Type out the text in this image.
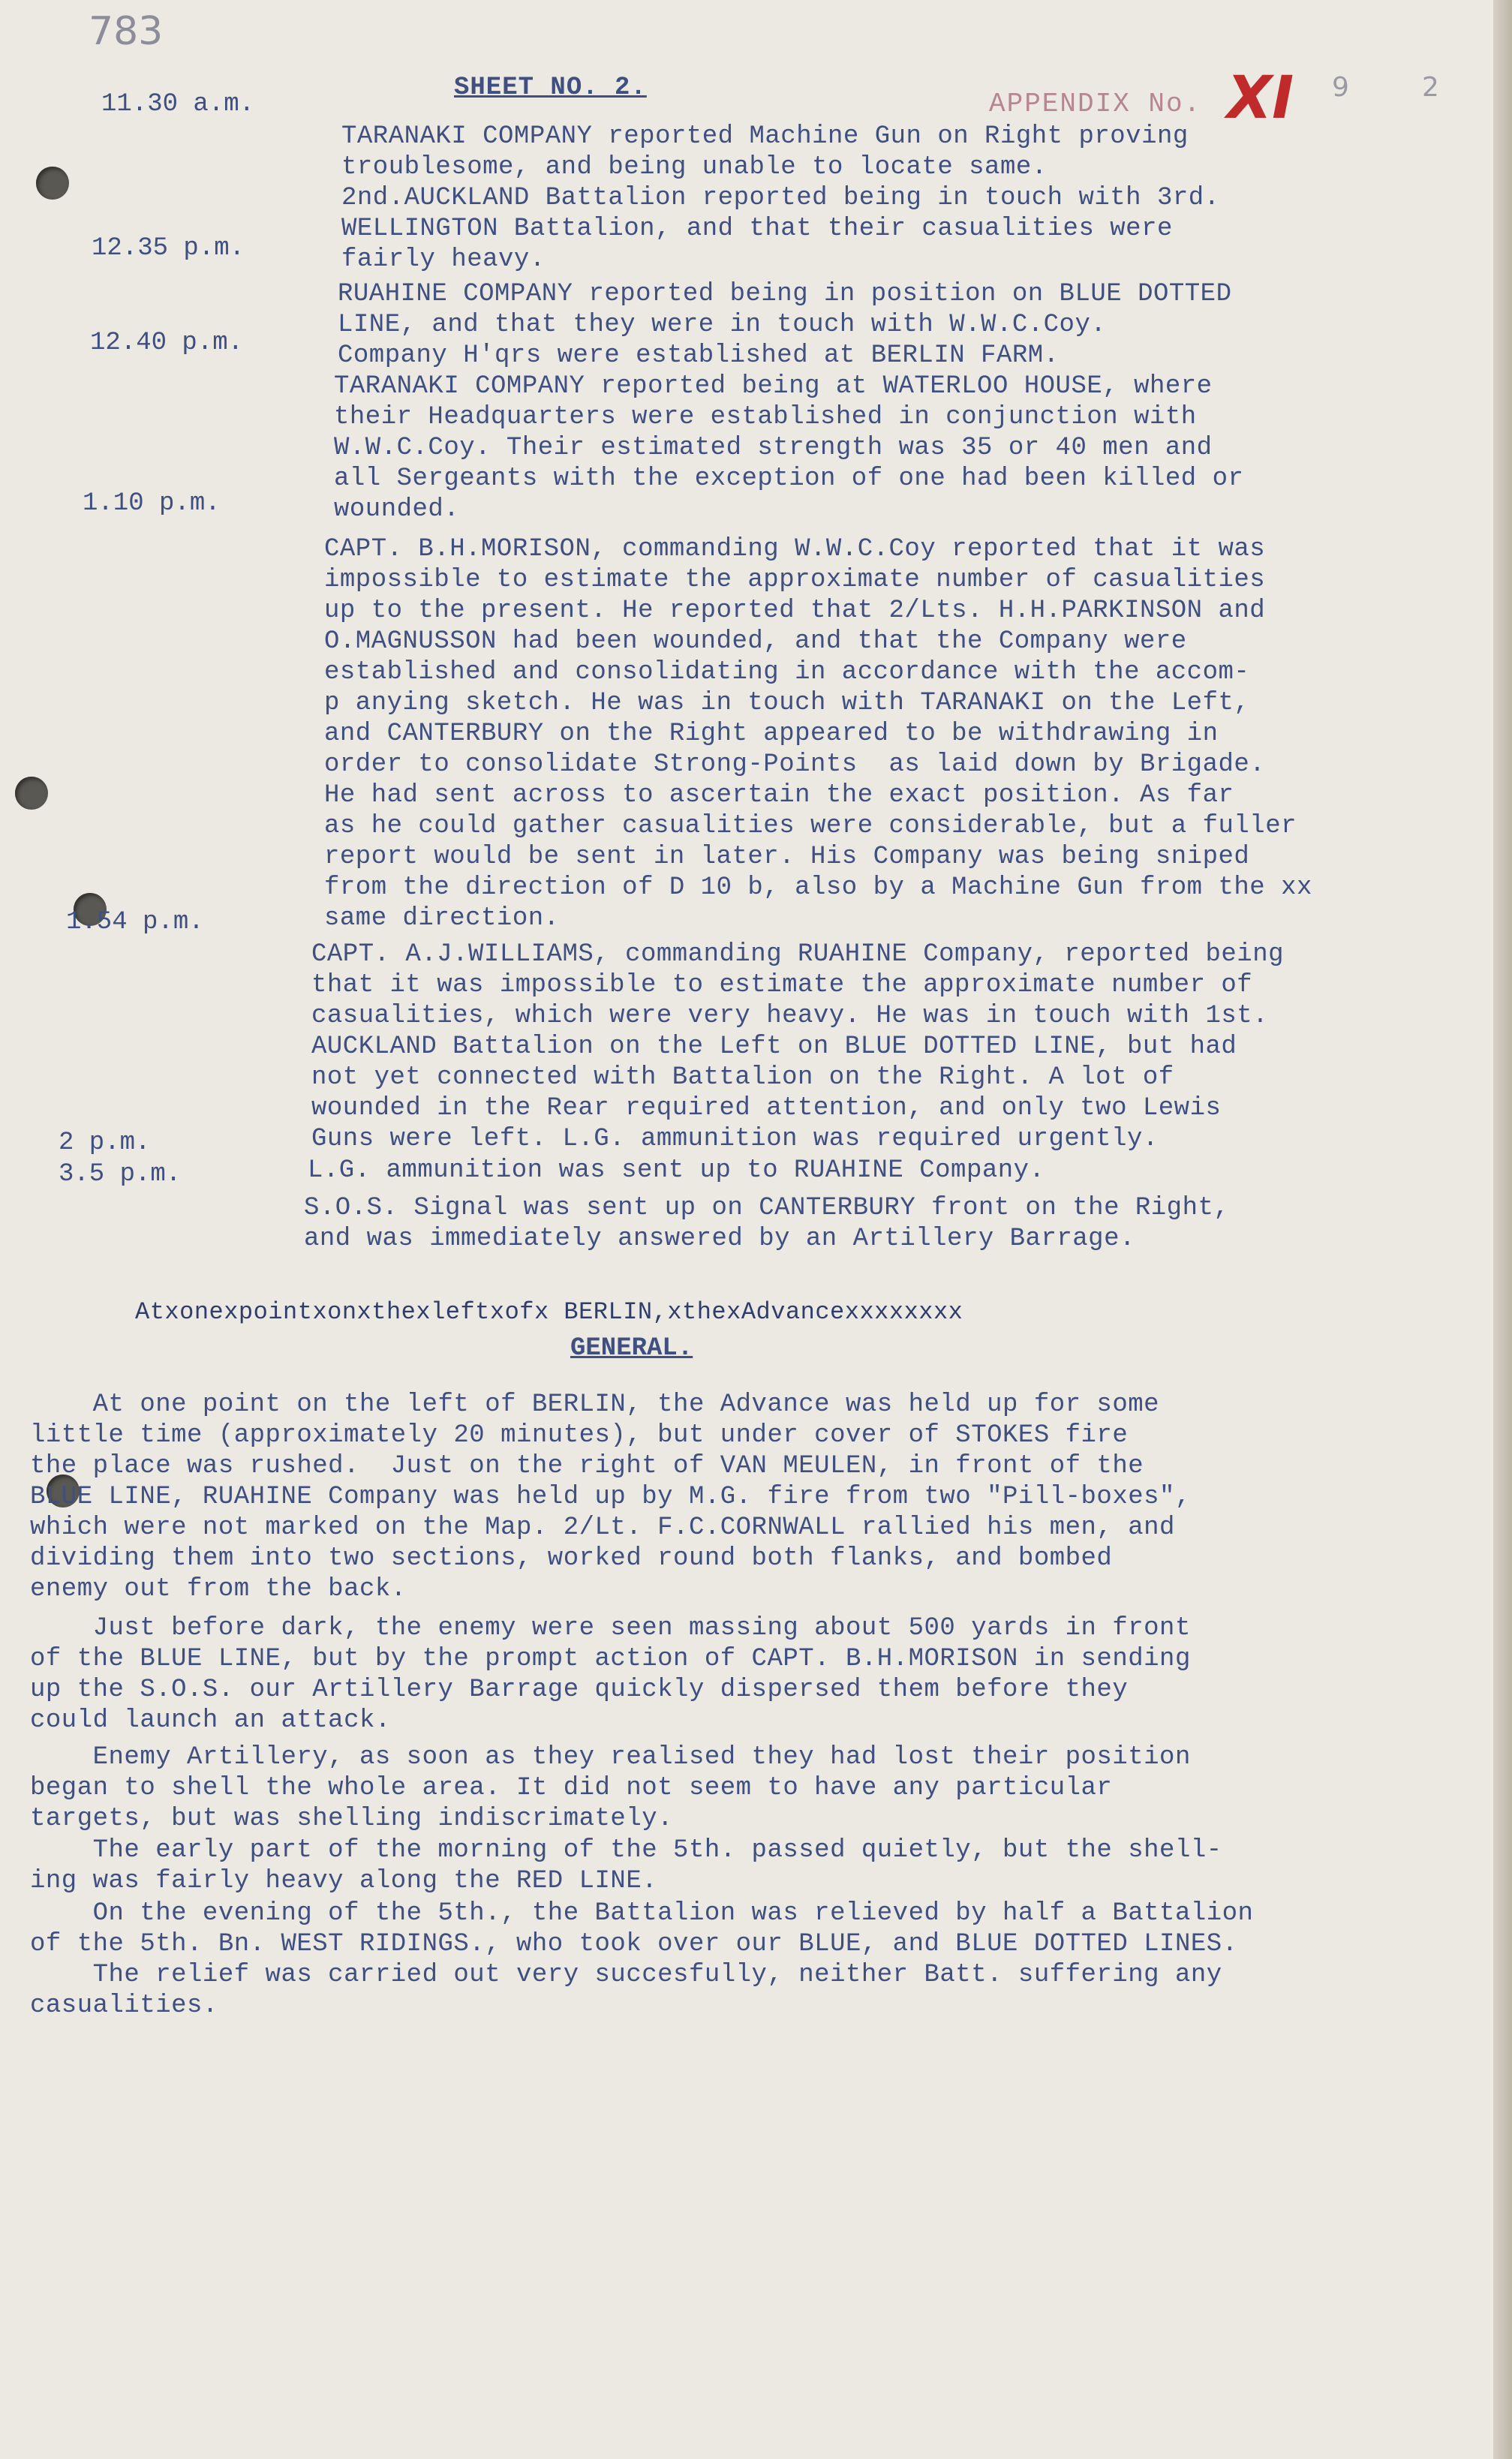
783
SHEET NO. 2.
APPENDIX No. XI 9	2
11.30 a.m.
TARANAKI COMPANY reported Machine Gun on Right proving
troublesome, and being unable to locate same.
2nd.AUCKLAND Battalion reported being in touch with 3rd.
WELLINGTON Battalion, and that their casualities were
fairly heavy.
12.35 p.m.
RUAHINE COMPANY reported being in position on BLUE DOTTED
LINE, and that they were in touch with W.W.C.Coy.
Company H'qrs were established at BERLIN FARM.
12.40 p.m.
TARANAKI COMPANY reported being at WATERLOO HOUSE, where
their Headquarters were established in conjunction with
W.W.C.Coy. Their estimated strength was 35 or 40 men and
all Sergeants with the exception of one had been killed or
wounded.
1.10 p.m.
CAPT. B.H.MORISON, commanding W.W.C.Coy reported that it was
impossible to estimate the approximate number of casualities
up to the present. He reported that 2/Lts. H.H.PARKINSON and
O.MAGNUSSON had been wounded, and that the Company were
established and consolidating in accordance with the accom-
p anying sketch. He was in touch with TARANAKI on the Left,
and CANTERBURY on the Right appeared to be withdrawing in
order to consolidate Strong-Points  as laid down by Brigade.
He had sent across to ascertain the exact position. As far
as he could gather casualities were considerable, but a fuller
report would be sent in later. His Company was being sniped
from the direction of D 10 b, also by a Machine Gun from the xx
same direction.
1.54 p.m.
CAPT. A.J.WILLIAMS, commanding RUAHINE Company, reported being
that it was impossible to estimate the approximate number of
casualities, which were very heavy. He was in touch with 1st.
AUCKLAND Battalion on the Left on BLUE DOTTED LINE, but had
not yet connected with Battalion on the Right. A lot of
wounded in the Rear required attention, and only two Lewis
Guns were left. L.G. ammunition was required urgently.
2 p.m.
L.G. ammunition was sent up to RUAHINE Company.
3.5 p.m.
S.O.S. Signal was sent up on CANTERBURY front on the Right,
and was immediately answered by an Artillery Barrage.
Atxonexpointxonxthexleftxofx BERLIN,xthexAdvancexxxxxxxx
GENERAL.
At one point on the left of BERLIN, the Advance was held up for some
little time (approximately 20 minutes), but under cover of STOKES fire
the place was rushed.  Just on the right of VAN MEULEN, in front of the
BLUE LINE, RUAHINE Company was held up by M.G. fire from two "Pill-boxes",
which were not marked on the Map. 2/Lt. F.C.CORNWALL rallied his men, and
dividing them into two sections, worked round both flanks, and bombed
enemy out from the back.
Just before dark, the enemy were seen massing about 500 yards in front
of the BLUE LINE, but by the prompt action of CAPT. B.H.MORISON in sending
up the S.O.S. our Artillery Barrage quickly dispersed them before they
could launch an attack.
Enemy Artillery, as soon as they realised they had lost their position
began to shell the whole area. It did not seem to have any particular
targets, but was shelling indiscrimately.
The early part of the morning of the 5th. passed quietly, but the shell-
ing was fairly heavy along the RED LINE.
On the evening of the 5th., the Battalion was relieved by half a Battalion
of the 5th. Bn. WEST RIDINGS., who took over our BLUE, and BLUE DOTTED LINES.
The relief was carried out very succesfully, neither Batt. suffering any
casualities.
